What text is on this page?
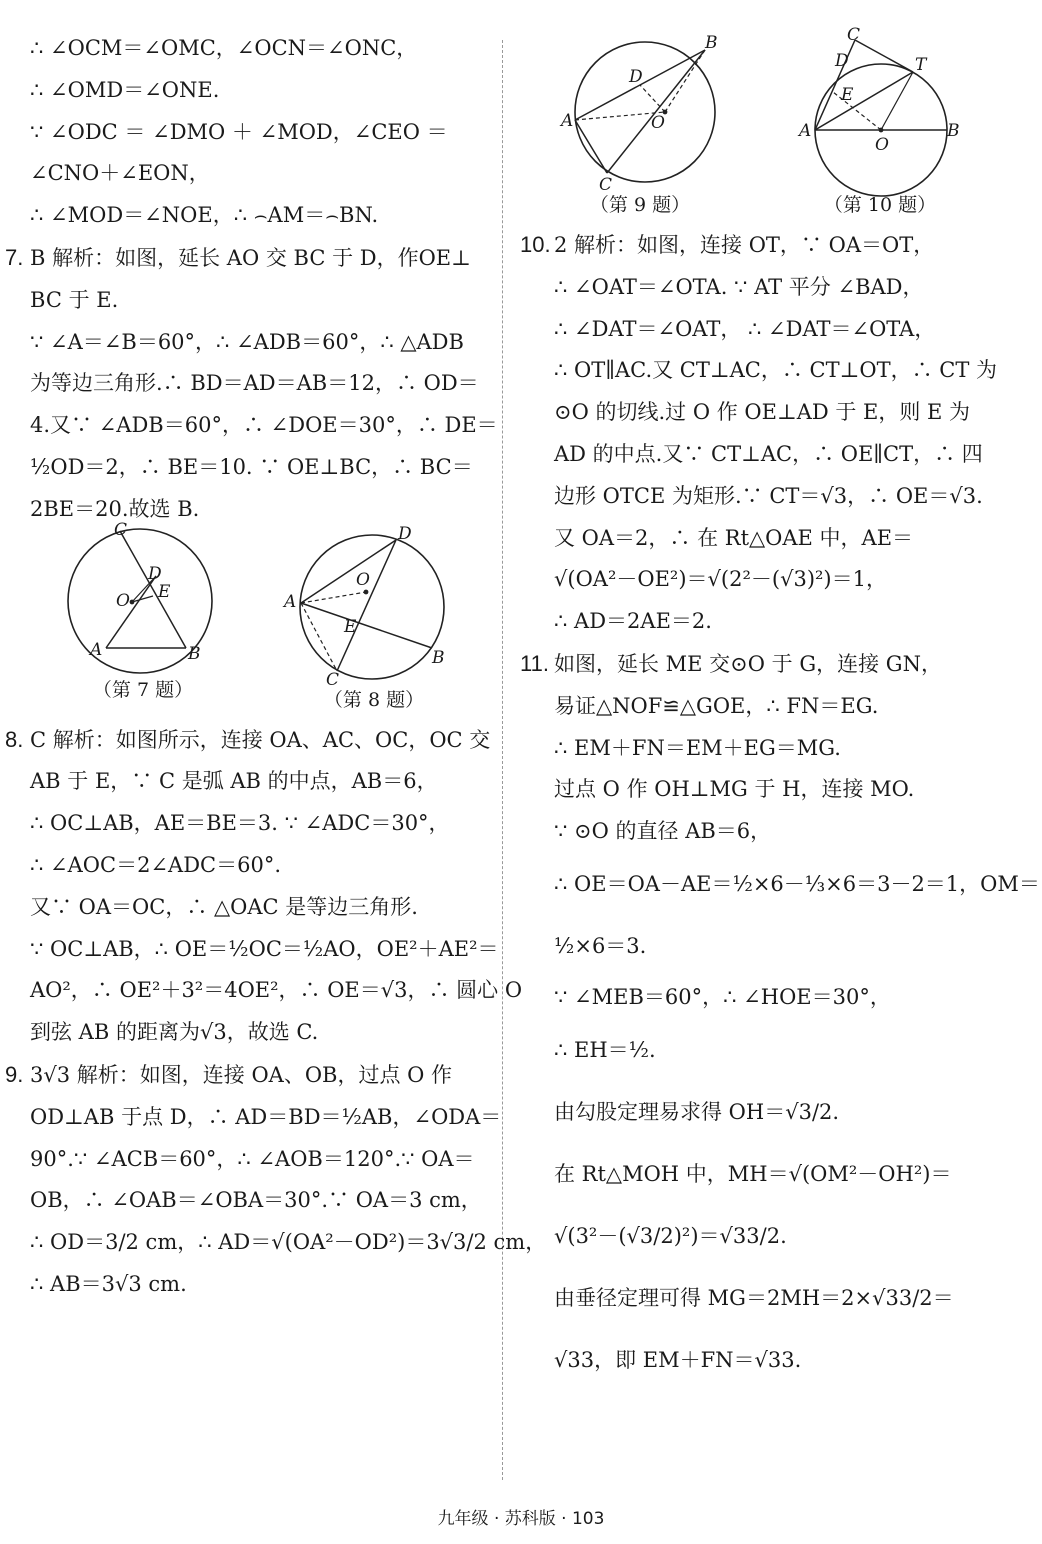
∴ ∠OCM＝∠OMC，∠OCN＝∠ONC，
∴ ∠OMD＝∠ONE.
∵ ∠ODC ＝ ∠DMO ＋ ∠MOD，∠CEO ＝
∠CNO＋∠EON，
∴ ∠MOD＝∠NOE，∴ ⌢AM＝⌢BN.
7. B 解析：如图，延长 AO 交 BC 于 D，作OE⊥
BC 于 E.
∵ ∠A＝∠B＝60°，∴ ∠ADB＝60°，∴ △ADB
为等边三角形.∴ BD＝AD＝AB＝12，∴ OD＝
4.又∵ ∠ADB＝60°，∴ ∠DOE＝30°，∴ DE＝
½OD＝2，∴ BE＝10. ∵ OE⊥BC，∴ BC＝
2BE＝20.故选 B.
C
D
E
O
A	B
（第 7 题）
D
O
A
E
C
B
（第 8 题）
8. C 解析：如图所示，连接 OA、AC、OC，OC 交
AB 于 E，∵ C 是弧 AB 的中点，AB＝6，
∴ OC⊥AB，AE＝BE＝3. ∵ ∠ADC＝30°，
∴ ∠AOC＝2∠ADC＝60°.
又∵ OA＝OC，∴ △OAC 是等边三角形.
∵ OC⊥AB，∴ OE＝½OC＝½AO，OE²＋AE²＝
AO²，∴ OE²＋3²＝4OE²，∴ OE＝√3，∴ 圆心 O
到弦 AB 的距离为√3，故选 C.
9. 3√3 解析：如图，连接 OA、OB，过点 O 作
OD⊥AB 于点 D，∴ AD＝BD＝½AB，∠ODA＝
90°.∵ ∠ACB＝60°，∴ ∠AOB＝120°.∵ OA＝
OB，∴ ∠OAB＝∠OBA＝30°.∵ OA＝3 cm，
∴ OD＝3/2 cm，∴ AD＝√(OA²－OD²)＝3√3/2 cm，
∴ AB＝3√3 cm.
B
D
A	O
C
（第 9 题）
C
D	T
E
A
O
B
（第 10 题）
10. 2 解析：如图，连接 OT，∵ OA＝OT，
∴ ∠OAT＝∠OTA. ∵ AT 平分 ∠BAD，
∴ ∠DAT＝∠OAT， ∴ ∠DAT＝∠OTA，
∴ OT∥AC.又 CT⊥AC，∴ CT⊥OT，∴ CT 为
⊙O 的切线.过 O 作 OE⊥AD 于 E，则 E 为
AD 的中点.又∵ CT⊥AC，∴ OE∥CT，∴ 四
边形 OTCE 为矩形.∵ CT＝√3，∴ OE＝√3.
又 OA＝2，∴ 在 Rt△OAE 中，AE＝
√(OA²－OE²)＝√(2²－(√3)²)＝1，
∴ AD＝2AE＝2.
11. 如图，延长 ME 交⊙O 于 G，连接 GN，
易证△NOF≌△GOE，∴ FN＝EG.
∴ EM＋FN＝EM＋EG＝MG.
过点 O 作 OH⊥MG 于 H，连接 MO.
∵ ⊙O 的直径 AB＝6，
∴ OE＝OA－AE＝½×6－⅓×6＝3－2＝1，OM＝
½×6＝3.
∵ ∠MEB＝60°，∴ ∠HOE＝30°，
∴ EH＝½.
由勾股定理易求得 OH＝√3/2.
在 Rt△MOH 中，MH＝√(OM²－OH²)＝
√(3²－(√3/2)²)＝√33/2.
由垂径定理可得 MG＝2MH＝2×√33/2＝
√33，即 EM＋FN＝√33.
九年级 · 苏科版 · 103
